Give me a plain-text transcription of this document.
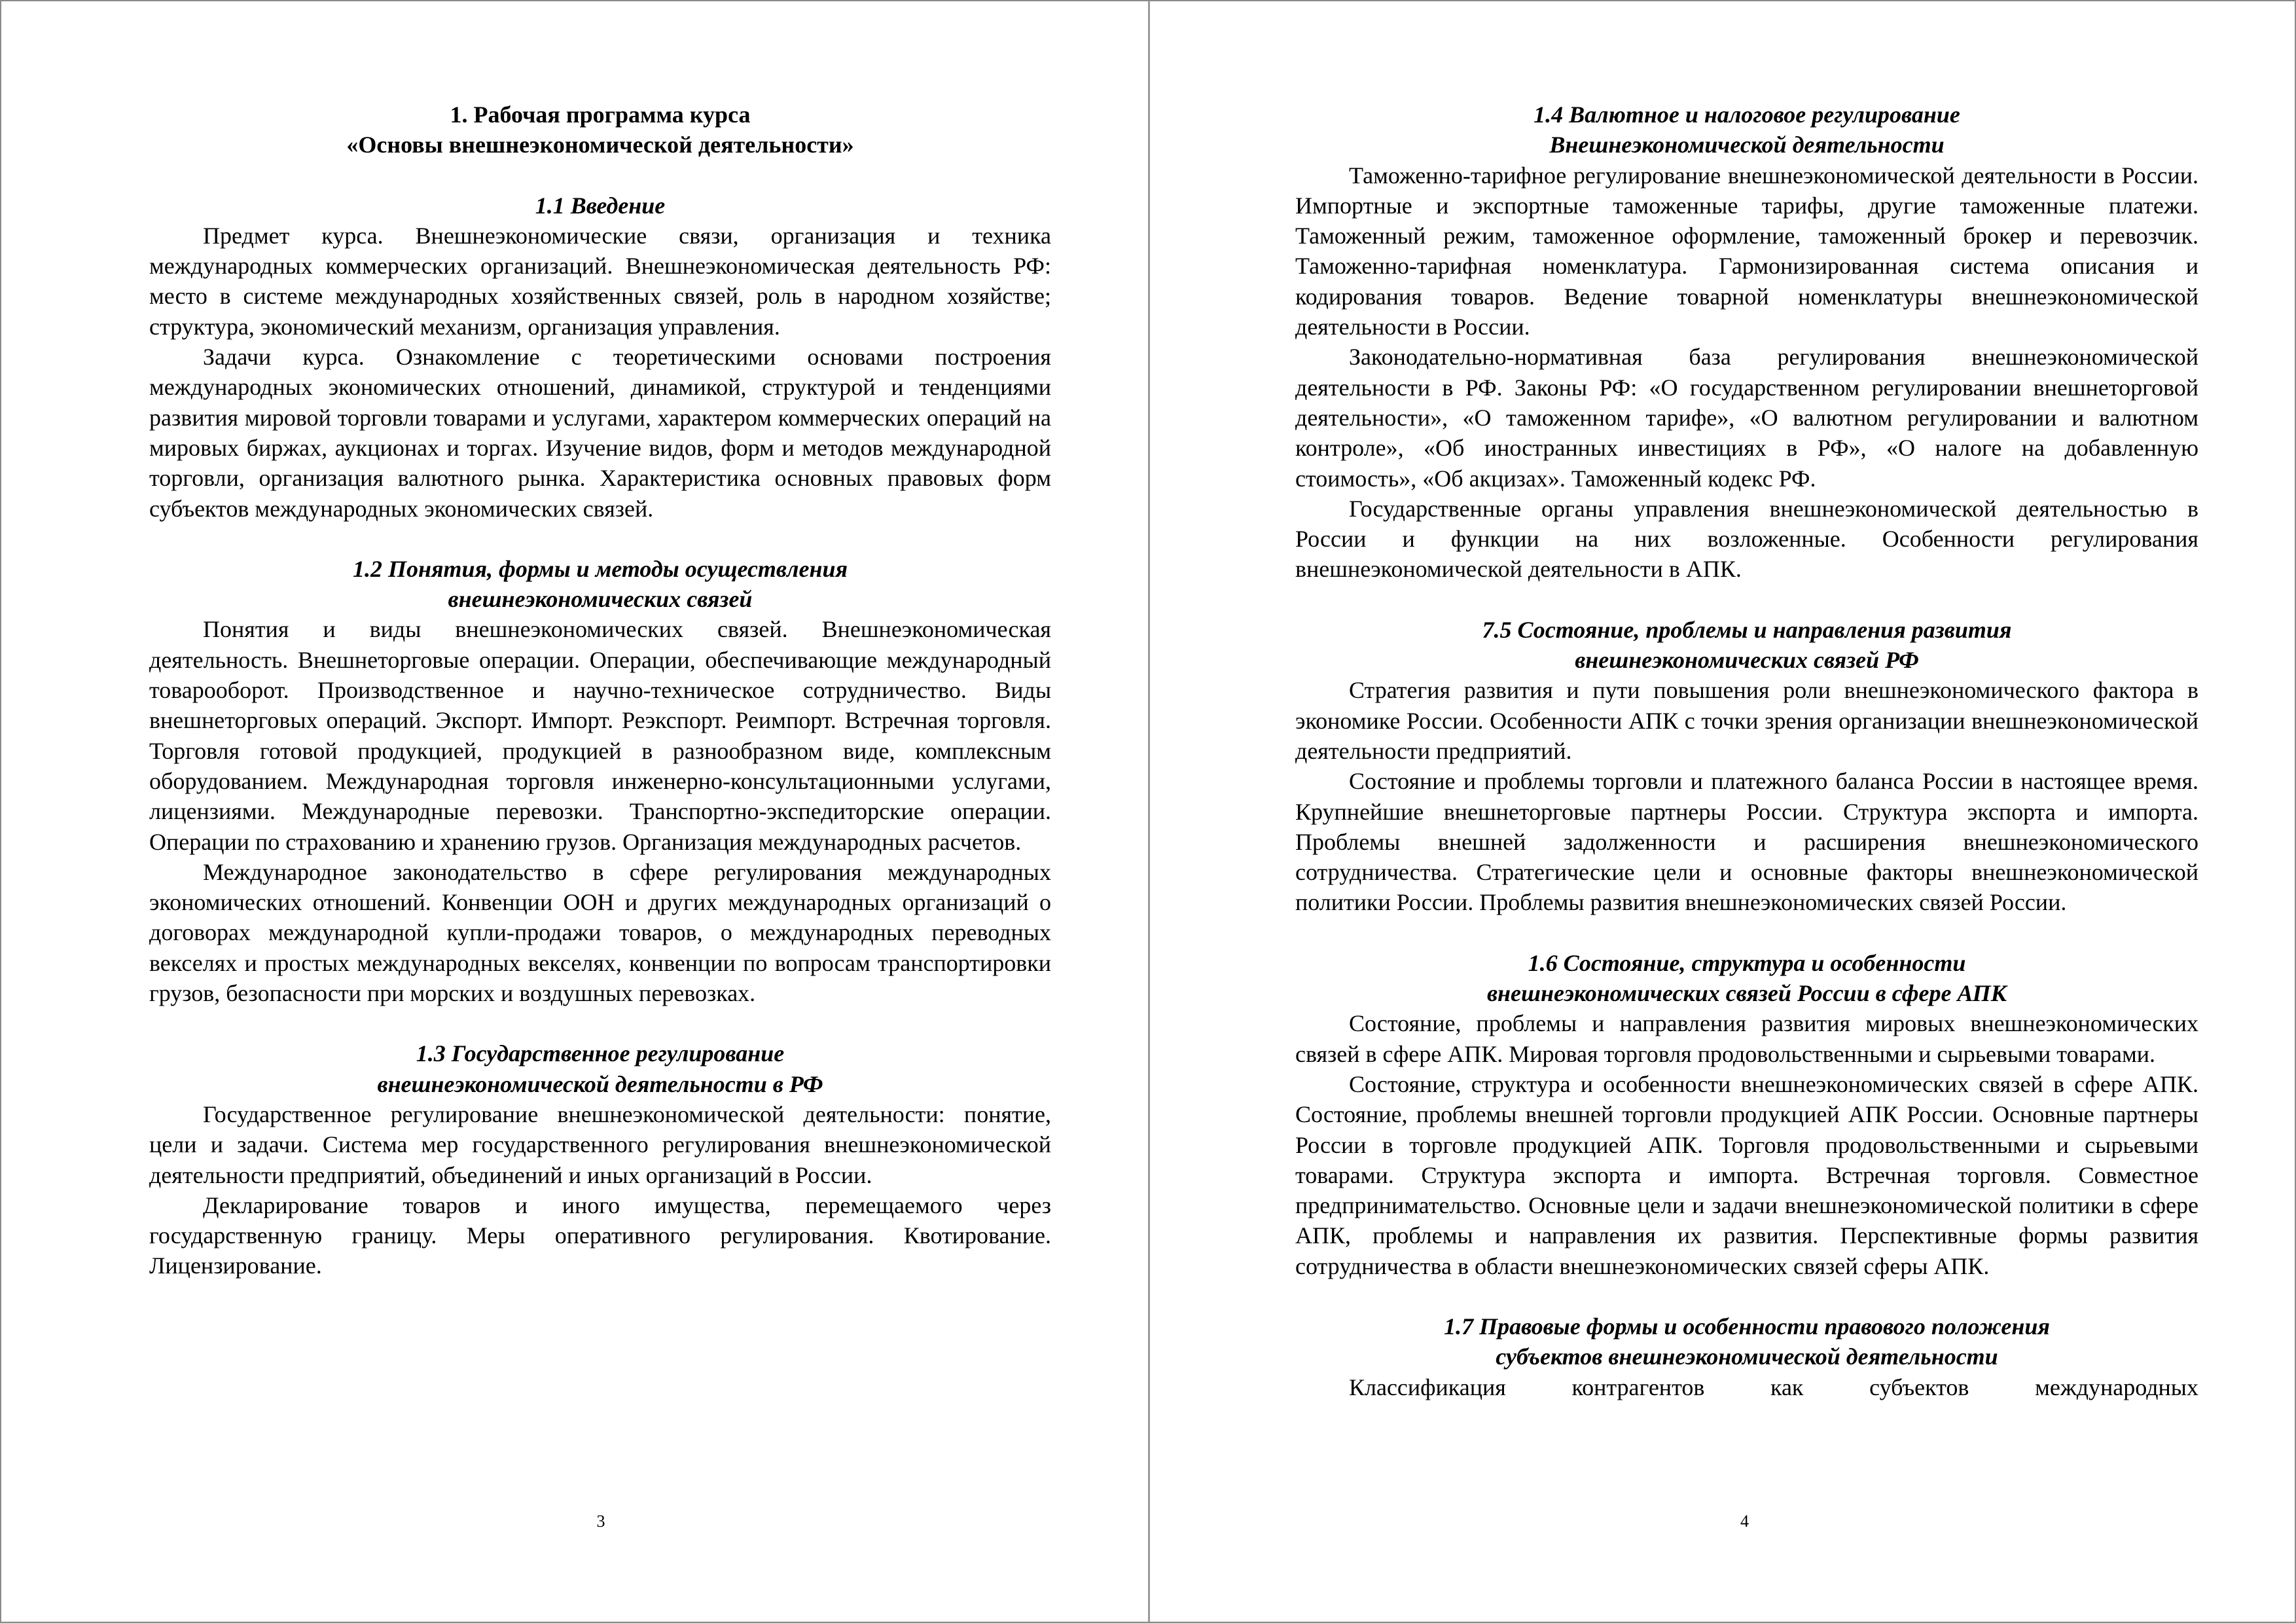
1. Рабочая программа курса
«Основы внешнеэкономической деятельности»
1.1 Введение

Предмет курса. Внешнеэкономические связи, организация и техника международных коммерческих организаций. Внешнеэкономическая деятельность РФ: место в системе международных хозяйственных связей, роль в народном хозяйстве; структура, экономический механизм, организация управления.

Задачи курса. Ознакомление с теоретическими основами построения международных экономических отношений, динамикой, структурой и тенденциями развития мировой торговли товарами и услугами, характером коммерческих операций на мировых биржах, аукционах и торгах. Изучение видов, форм и методов международной торговли, организация валютного рынка. Характеристика основных правовых форм субъектов международных экономических связей.

1.2 Понятия, формы и методы осуществления
внешнеэкономических связей

Понятия и виды внешнеэкономических связей. Внешнеэкономическая деятельность. Внешнеторговые операции. Операции, обеспечивающие международный товарооборот. Производственное и научно-техническое сотрудничество. Виды внешнеторговых операций. Экспорт. Импорт. Реэкспорт. Реимпорт. Встречная торговля. Торговля готовой продукцией, продукцией в разнообразном виде, комплексным оборудованием. Международная торговля инженерно-консультационными услугами, лицензиями. Международные перевозки. Транспортно-экспедиторские операции. Операции по страхованию и хранению грузов. Организация международных расчетов.

Международное законодательство в сфере регулирования международных экономических отношений. Конвенции ООН и других международных организаций о договорах международной купли-продажи товаров, о международных переводных векселях и простых международных векселях, конвенции по вопросам транспортировки грузов, безопасности при морских и воздушных перевозках.

1.3 Государственное регулирование
внешнеэкономической деятельности в РФ

Государственное регулирование внешнеэкономической деятельности: понятие, цели и задачи. Система мер государственного регулирования внешнеэкономической деятельности предприятий, объединений и иных организаций в России.

Декларирование товаров и иного имущества, перемещаемого через государственную границу. Меры оперативного регулирования. Квотирование. Лицензирование.

3
1.4 Валютное и налоговое регулирование
Внешнеэкономической деятельности

Таможенно-тарифное регулирование внешнеэкономической деятельности в России. Импортные и экспортные таможенные тарифы, другие таможенные платежи. Таможенный режим, таможенное оформление, таможенный брокер и перевозчик. Таможенно-тарифная номенклатура. Гармонизированная система описания и кодирования товаров. Ведение товарной номенклатуры внешнеэкономической деятельности в России.

Законодательно-нормативная база регулирования внешнеэкономической деятельности в РФ. Законы РФ: «О государственном регулировании внешнеторговой деятельности», «О таможенном тарифе», «О валютном регулировании и валютном контроле», «Об иностранных инвестициях в РФ», «О налоге на добавленную стоимость», «Об акцизах». Таможенный кодекс РФ.

Государственные органы управления внешнеэкономической деятельностью в России и функции на них возложенные. Особенности регулирования внешнеэкономической деятельности в АПК.

7.5 Состояние, проблемы и направления развития
внешнеэкономических связей РФ

Стратегия развития и пути повышения роли внешнеэкономического фактора в экономике России. Особенности АПК с точки зрения организации внешнеэкономической деятельности предприятий.

Состояние и проблемы торговли и платежного баланса России в настоящее время. Крупнейшие внешнеторговые партнеры России. Структура экспорта и импорта. Проблемы внешней задолженности и расширения внешнеэкономического сотрудничества. Стратегические цели и основные факторы внешнеэкономической политики России. Проблемы развития внешнеэкономических связей России.

1.6 Состояние, структура и особенности
внешнеэкономических связей России в сфере АПК

Состояние, проблемы и направления развития мировых внешнеэкономических связей в сфере АПК. Мировая торговля продовольственными и сырьевыми товарами.

Состояние, структура и особенности внешнеэкономических связей в сфере АПК. Состояние, проблемы внешней торговли продукцией АПК России. Основные партнеры России в торговле продукцией АПК. Торговля продовольственными и сырьевыми товарами. Структура экспорта и импорта. Встречная торговля. Совместное предпринимательство. Основные цели и задачи внешнеэкономической политики в сфере АПК, проблемы и направления их развития. Перспективные формы развития сотрудничества в области внешнеэкономических связей сферы АПК.

1.7 Правовые формы и особенности правового положения
субъектов внешнеэкономической деятельности

Классификация контрагентов как субъектов международных

4
